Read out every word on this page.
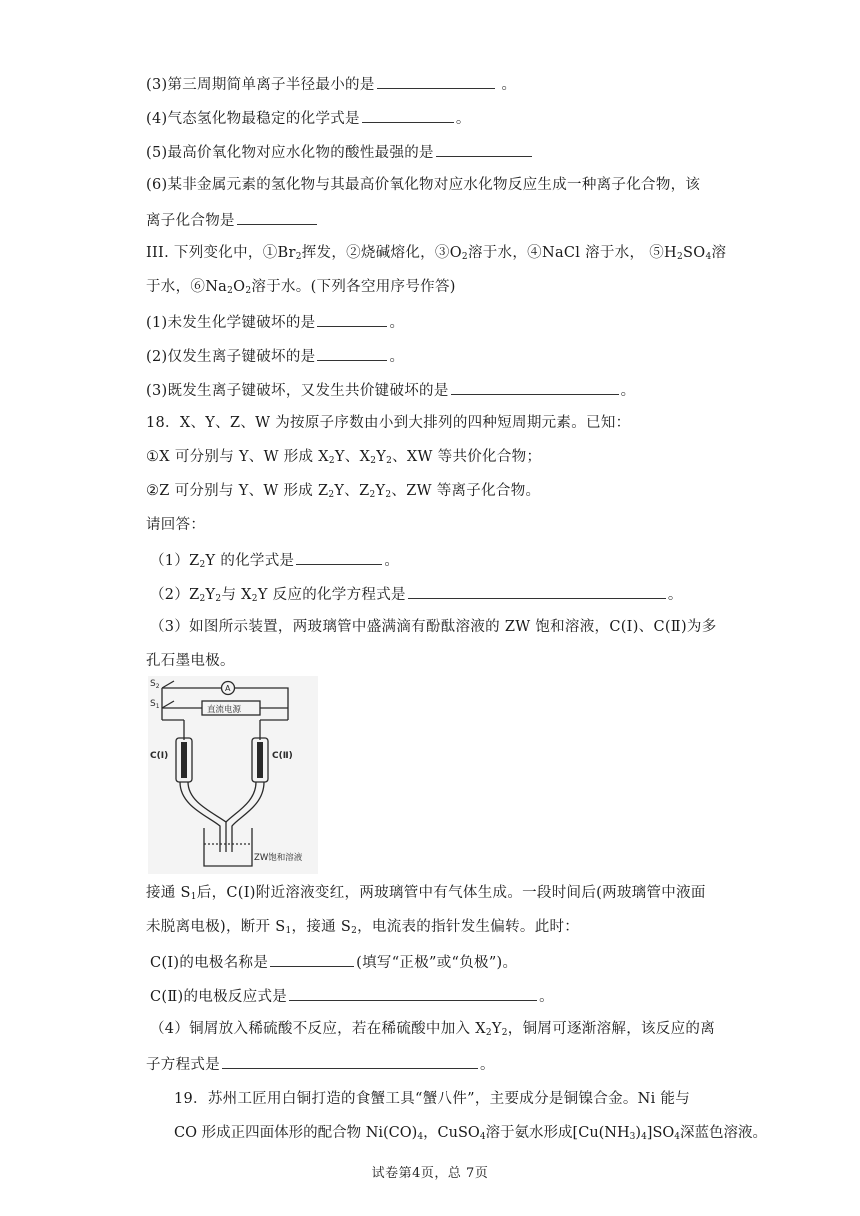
(3)第三周期简单离子半径最小的是	。
(4)气态氢化物最稳定的化学式是	。
(5)最高价氧化物对应水化物的酸性最强的是
(6)某非金属元素的氢化物与其最高价氧化物对应水化物反应生成一种离子化合物，该
离子化合物是
III. 下列变化中，$①Br_2$挥发，②烧碱熔化，$③O_2$溶于水，④NaCl 溶于水， $⑤H_2SO_4$溶
于水，$⑥Na_2O_2$溶于水。(下列各空用序号作答)
(1)未发生化学键破坏的是	。
(2)仅发生离子键破坏的是	。
(3)既发生离子键破坏，又发生共价键破坏的是	。
18．X、Y、Z、W 为按原子序数由小到大排列的四种短周期元素。已知：
①X 可分别与 Y、W 形成 $X_2Y$、$X_2Y_2$、XW 等共价化合物；
②Z 可分别与 Y、W 形成 $Z_2Y$、$Z_2Y_2$、ZW 等离子化合物。
请回答：
$(1)Z_2Y$ 的化学式是	。
$(2)Z_2Y_2$与 $X_2Y$ 反应的化学方程式是	。
（3）如图所示装置，两玻璃管中盛满滴有酚酞溶液的 ZW 饱和溶液，C(Ⅰ)、C(Ⅱ)为多
孔石墨电极。
$S_2$
$S_1$
A
直流电源
C(Ⅰ)	C(Ⅱ)
ZW饱和溶液
接通 $S_1$后，C(Ⅰ)附近溶液变红，两玻璃管中有气体生成。一段时间后(两玻璃管中液面
未脱离电极)，断开 $S_1$，接通 $S_2$，电流表的指针发生偏转。此时：
C(Ⅰ)的电极名称是	(填写“正极”或“负极”)。
C(Ⅱ)的电极反应式是	。
（4）铜屑放入稀硫酸不反应，若在稀硫酸中加入 $X_2Y_2$，铜屑可逐渐溶解，该反应的离
子方程式是	。
19．苏州工匠用白铜打造的食蟹工具“蟹八件”，主要成分是铜镍合金。Ni 能与
CO 形成正四面体形的配合物 $Ni(CO)_4$，CuSO$_4$溶于氨水形成$[Cu(NH_3)_4]SO_4$深蓝色溶液。
试卷第4页，总 7页
